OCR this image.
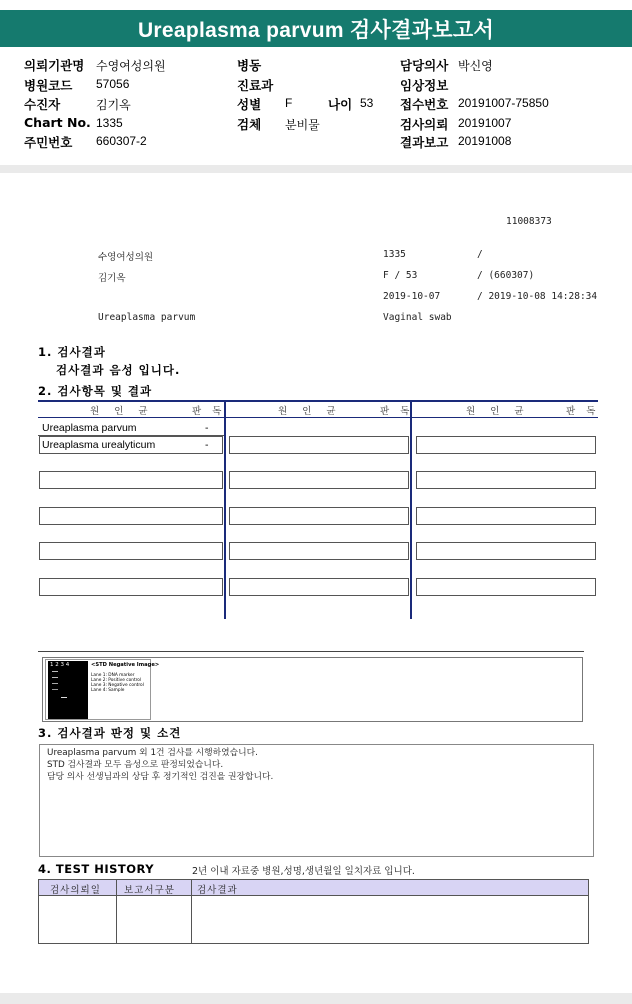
Ureaplasma parvum 검사결과보고서
의뢰기관명 수영여성의원
병원코드 57056
수진자	김기옥
Chart No. 1335
주민번호 660307-2
병동
진료과
성별 F	나이 53
검체 분비물
담당의사 박신영
임상정보
접수번호 20191007-75850
검사의뢰 20191007
결과보고 20191008
11008373
수영여성의원	1335	/
김기옥	F / 53	/ (660307)
2019-10-07	/ 2019-10-08 14:28:34
Ureaplasma parvum	Vaginal swab
1. 검사결과
검사결과 음성 입니다.
2. 검사항목 및 결과
원 인 균	판 독	원 인 균	판 독	원 인 균	판 독
Ureaplasma parvum	-
Ureaplasma urealyticum	-
1 2 3 4	<STD Negative Image>
Lane 1: DNA marker
Lane 2: Positive control
Lane 3: Negative control
Lane 4: Sample
3. 검사결과 판정 및 소견
Ureaplasma parvum 외 1건 검사를 시행하였습니다.
STD 검사결과 모두 음성으로 판정되었습니다.
담당 의사 선생님과의 상담 후 정기적인 검진을 권장합니다.
4. TEST HISTORY	2년 이내 자료중 병원,성명,생년월일 일치자료 입니다.
검사의뢰일 보고서구분 검사결과
